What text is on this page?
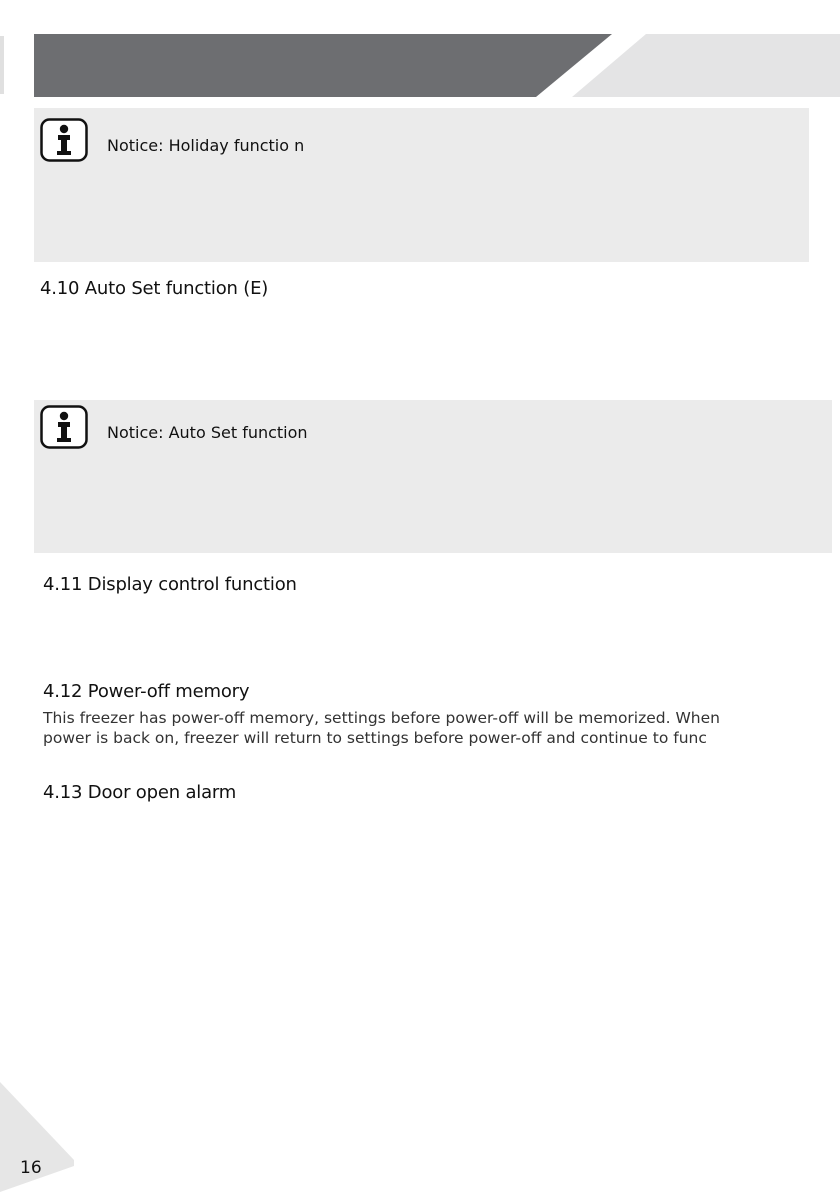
Notice: Holiday functio n
4.10 Auto Set function (E)
Notice: Auto Set function
4.11 Display control function
4.12 Power-off memory
This freezer has power-off memory, settings before power-off will be memorized. When
power is back on, freezer will return to settings before power-off and continue to func
4.13 Door open alarm
16
